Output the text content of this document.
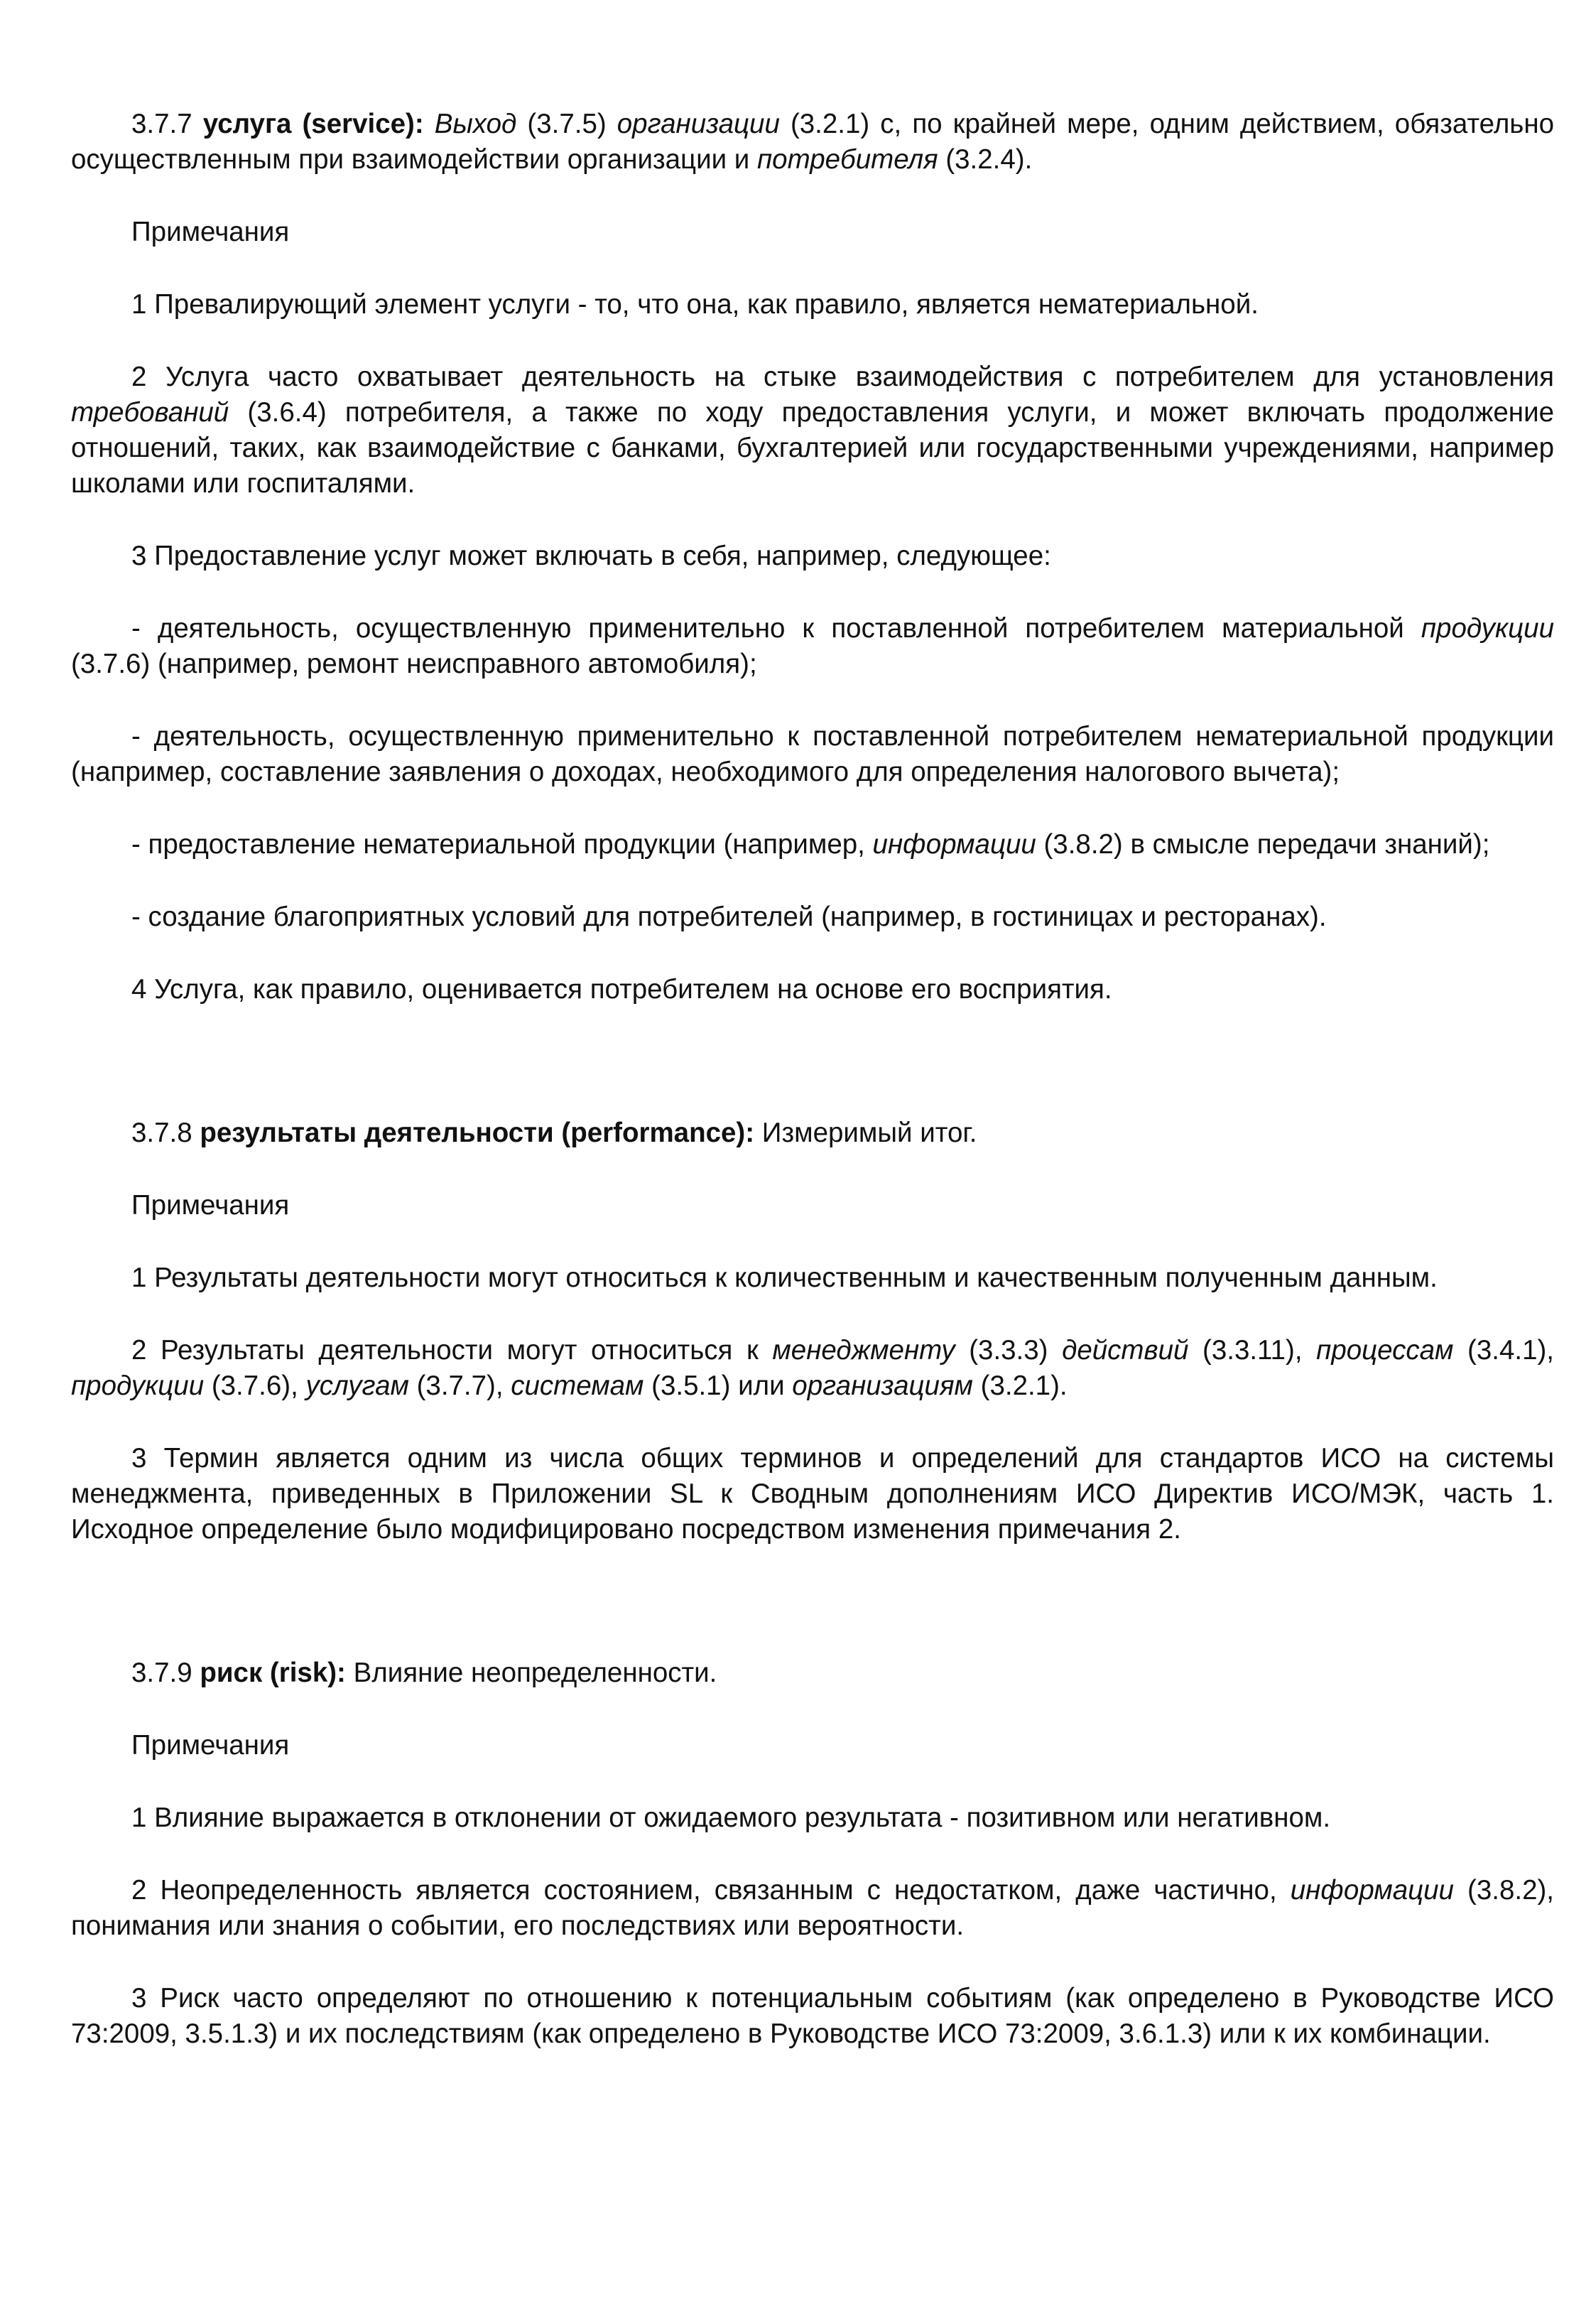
3.7.7 услуга (service): Выход (3.7.5) организации (3.2.1) с, по крайней мере, одним действием, обязательно осуществленным при взаимодействии организации и потребителя (3.2.4).

Примечания

1 Превалирующий элемент услуги - то, что она, как правило, является нематериальной.

2 Услуга часто охватывает деятельность на стыке взаимодействия с потребителем для установления требований (3.6.4) потребителя, а также по ходу предоставления услуги, и может включать продолжение отношений, таких, как взаимодействие с банками, бухгалтерией или государственными учреждениями, например школами или госпиталями.

3 Предоставление услуг может включать в себя, например, следующее:

- деятельность, осуществленную применительно к поставленной потребителем материальной продукции (3.7.6) (например, ремонт неисправного автомобиля);

- деятельность, осуществленную применительно к поставленной потребителем нематериальной продукции (например, составление заявления о доходах, необходимого для определения налогового вычета);

- предоставление нематериальной продукции (например, информации (3.8.2) в смысле передачи знаний);

- создание благоприятных условий для потребителей (например, в гостиницах и ресторанах).

4 Услуга, как правило, оценивается потребителем на основе его восприятия.

3.7.8 результаты деятельности (performance): Измеримый итог.

Примечания

1 Результаты деятельности могут относиться к количественным и качественным полученным данным.

2 Результаты деятельности могут относиться к менеджменту (3.3.3) действий (3.3.11), процессам (3.4.1), продукции (3.7.6), услугам (3.7.7), системам (3.5.1) или организациям (3.2.1).

3 Термин является одним из числа общих терминов и определений для стандартов ИСО на системы менеджмента, приведенных в Приложении SL к Сводным дополнениям ИСО Директив ИСО/МЭК, часть 1. Исходное определение было модифицировано посредством изменения примечания 2.

3.7.9 риск (risk): Влияние неопределенности.

Примечания

1 Влияние выражается в отклонении от ожидаемого результата - позитивном или негативном.

2 Неопределенность является состоянием, связанным с недостатком, даже частично, информации (3.8.2), понимания или знания о событии, его последствиях или вероятности.

3 Риск часто определяют по отношению к потенциальным событиям (как определено в Руководстве ИСО 73:2009, 3.5.1.3) и их последствиям (как определено в Руководстве ИСО 73:2009, 3.6.1.3) или к их комбинации.
